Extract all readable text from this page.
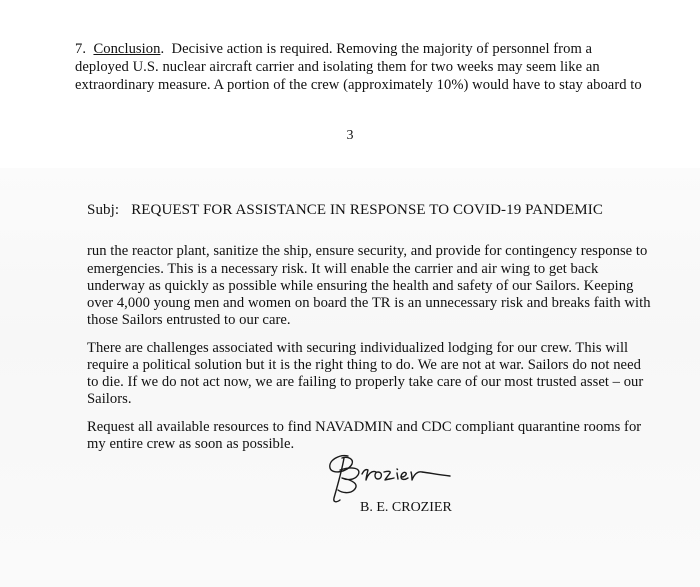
7. Conclusion.  Decisive action is required. Removing the majority of personnel from a
deployed U.S. nuclear aircraft carrier and isolating them for two weeks may seem like an
extraordinary measure. A portion of the crew (approximately 10%) would have to stay aboard to
3
Subj: REQUEST FOR ASSISTANCE IN RESPONSE TO COVID-19 PANDEMIC
run the reactor plant, sanitize the ship, ensure security, and provide for contingency response to
emergencies. This is a necessary risk. It will enable the carrier and air wing to get back
underway as quickly as possible while ensuring the health and safety of our Sailors. Keeping
over 4,000 young men and women on board the TR is an unnecessary risk and breaks faith with
those Sailors entrusted to our care.
There are challenges associated with securing individualized lodging for our crew. This will
require a political solution but it is the right thing to do. We are not at war. Sailors do not need
to die. If we do not act now, we are failing to properly take care of our most trusted asset – our
Sailors.
Request all available resources to find NAVADMIN and CDC compliant quarantine rooms for
my entire crew as soon as possible.
B. E. CROZIER
